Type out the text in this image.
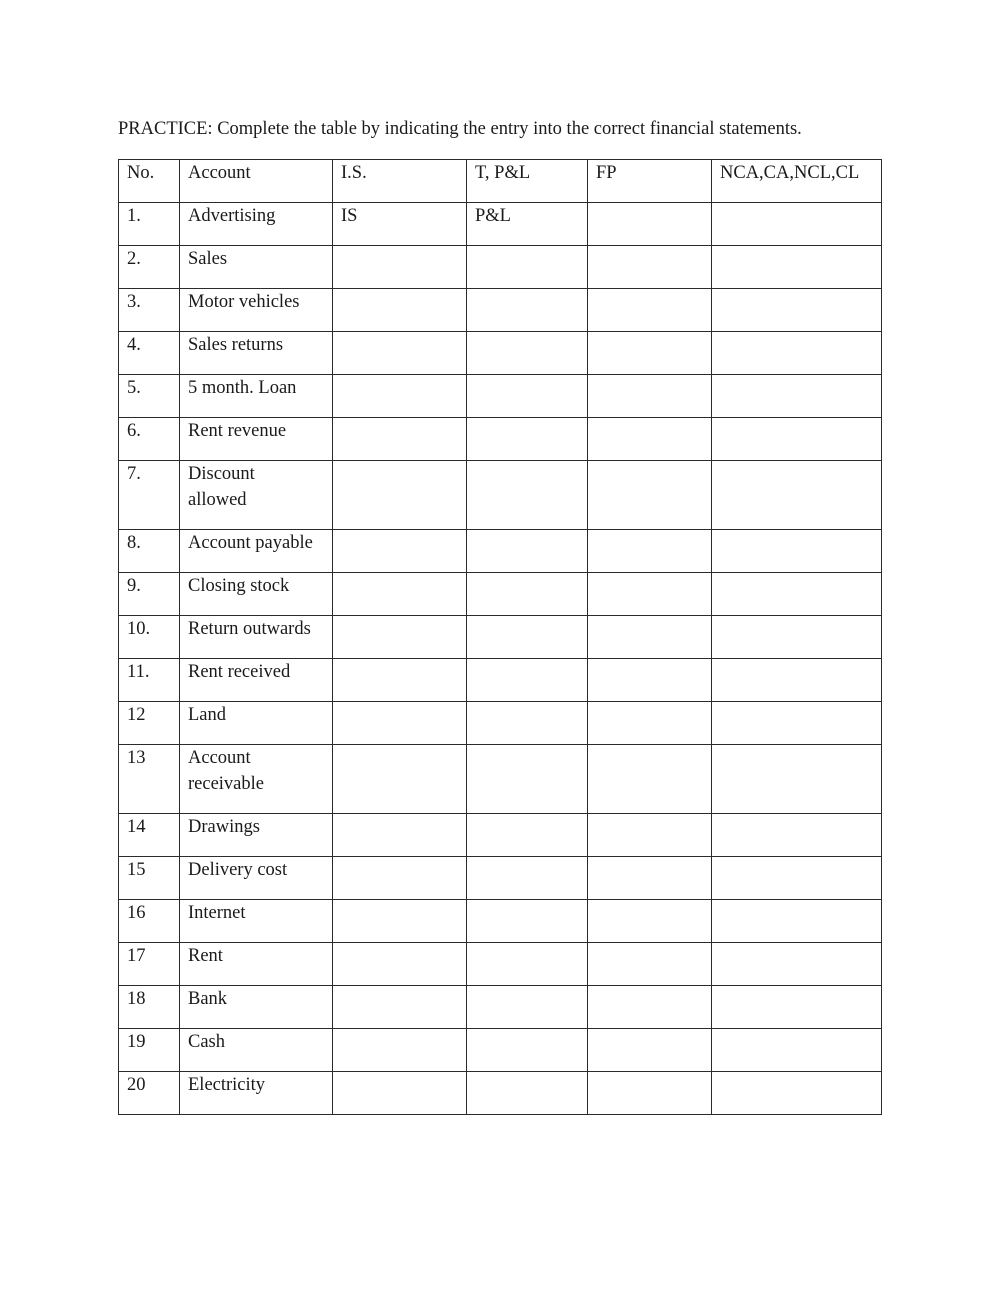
PRACTICE: Complete the table by indicating the entry into the correct financial statements.
No.	Account	I.S.	T, P&L	FP	NCA,CA,NCL,CL
1.	Advertising	IS	P&L		
2.	Sales				
3.	Motor vehicles				
4.	Sales returns				
5.	5 month. Loan				
6.	Rent revenue				
7.	Discount allowed				
8.	Account payable				
9.	Closing stock				
10.	Return outwards				
11.	Rent received				
12	Land				
13	Account receivable				
14	Drawings				
15	Delivery cost				
16	Internet				
17	Rent				
18	Bank				
19	Cash				
20	Electricity				
